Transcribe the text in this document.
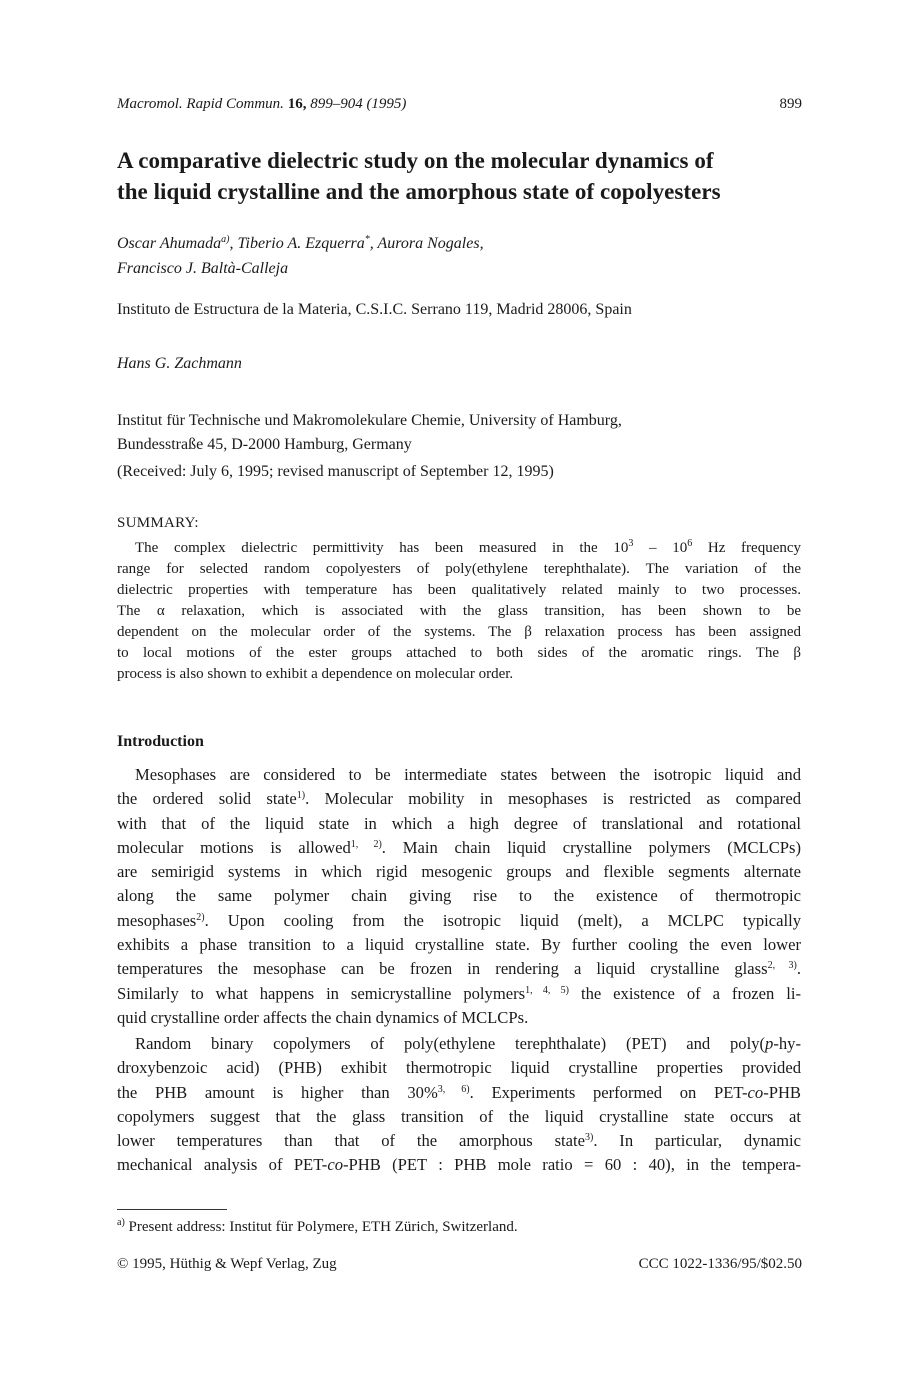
Macromol. Rapid Commun. 16, 899–904 (1995)	899
A comparative dielectric study on the molecular dynamics of
the liquid crystalline and the amorphous state of copolyesters
Oscar Ahumada$^{a)}$, Tiberio A. Ezquerra*, Aurora Nogales,
Francisco J. Baltà-Calleja
Instituto de Estructura de la Materia, C.S.I.C. Serrano 119, Madrid 28006, Spain
Hans G. Zachmann
Institut für Technische und Makromolekulare Chemie, University of Hamburg,
Bundesstraße 45, D-2000 Hamburg, Germany
(Received: July 6, 1995; revised manuscript of September 12, 1995)
SUMMARY:
The complex dielectric permittivity has been measured in the $10^3 - 10^6$ Hz frequency
range for selected random copolyesters of poly(ethylene terephthalate). The variation of the
dielectric properties with temperature has been qualitatively related mainly to two processes.
The α relaxation, which is associated with the glass transition, has been shown to be
dependent on the molecular order of the systems. The β relaxation process has been assigned
to local motions of the ester groups attached to both sides of the aromatic rings. The β
process is also shown to exhibit a dependence on molecular order.
Introduction
Mesophases are considered to be intermediate states between the isotropic liquid and
the ordered solid state$^{1)}$. Molecular mobility in mesophases is restricted as compared
with that of the liquid state in which a high degree of translational and rotational
molecular motions is allowed$^{1, 2)}$. Main chain liquid crystalline polymers (MCLCPs)
are semirigid systems in which rigid mesogenic groups and flexible segments alternate
along the same polymer chain giving rise to the existence of thermotropic
mesophases$^{2)}$. Upon cooling from the isotropic liquid (melt), a MCLPC typically
exhibits a phase transition to a liquid crystalline state. By further cooling the even lower
temperatures the mesophase can be frozen in rendering a liquid crystalline glass$^{2, 3)}$.
Similarly to what happens in semicrystalline polymers$^{1, 4, 5)}$ the existence of a frozen li-
quid crystalline order affects the chain dynamics of MCLCPs.
Random binary copolymers of poly(ethylene terephthalate) (PET) and poly(p-hy-
droxybenzoic acid) (PHB) exhibit thermotropic liquid crystalline properties provided
the PHB amount is higher than 30%$^{3, 6)}$. Experiments performed on PET-co-PHB
copolymers suggest that the glass transition of the liquid crystalline state occurs at
lower temperatures than that of the amorphous state$^{3)}$. In particular, dynamic
mechanical analysis of PET-co-PHB (PET : PHB mole ratio = 60 : 40), in the tempera-
$^{a)}$ Present address: Institut für Polymere, ETH Zürich, Switzerland.
© 1995, Hüthig & Wepf Verlag, Zug	CCC 1022-1336/95/$02.50
